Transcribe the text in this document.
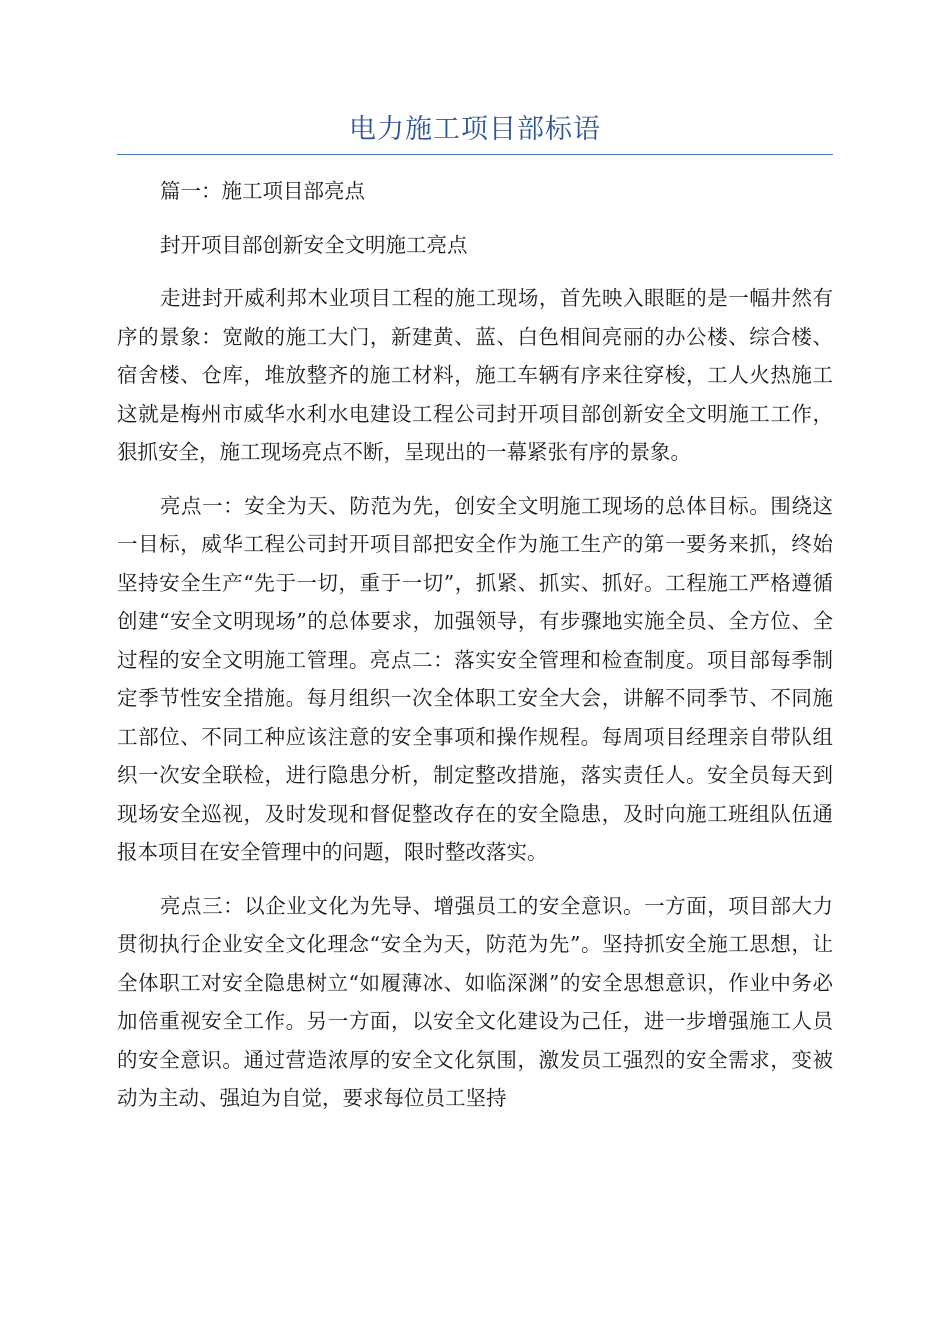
电力施工项目部标语

篇一：施工项目部亮点

封开项目部创新安全文明施工亮点

走进封开威利邦木业项目工程的施工现场，首先映入眼眶的是一幅井然有序的景象：宽敞的施工大门，新建黄、蓝、白色相间亮丽的办公楼、综合楼、宿舍楼、仓库，堆放整齐的施工材料，施工车辆有序来往穿梭，工人火热施工这就是梅州市威华水利水电建设工程公司封开项目部创新安全文明施工工作，狠抓安全，施工现场亮点不断，呈现出的一幕紧张有序的景象。

亮点一：安全为天、防范为先，创安全文明施工现场的总体目标。围绕这一目标，威华工程公司封开项目部把安全作为施工生产的第一要务来抓，终始坚持安全生产“先于一切，重于一切”，抓紧、抓实、抓好。工程施工严格遵循创建“安全文明现场”的总体要求，加强领导，有步骤地实施全员、全方位、全过程的安全文明施工管理。亮点二：落实安全管理和检查制度。项目部每季制定季节性安全措施。每月组织一次全体职工安全大会，讲解不同季节、不同施工部位、不同工种应该注意的安全事项和操作规程。每周项目经理亲自带队组织一次安全联检，进行隐患分析，制定整改措施，落实责任人。安全员每天到现场安全巡视，及时发现和督促整改存在的安全隐患，及时向施工班组队伍通报本项目在安全管理中的问题，限时整改落实。

亮点三：以企业文化为先导、增强员工的安全意识。一方面，项目部大力贯彻执行企业安全文化理念“安全为天，防范为先”。坚持抓安全施工思想，让全体职工对安全隐患树立“如履薄冰、如临深渊”的安全思想意识，作业中务必加倍重视安全工作。另一方面，以安全文化建设为己任，进一步增强施工人员的安全意识。通过营造浓厚的安全文化氛围，激发员工强烈的安全需求，变被动为主动、强迫为自觉，要求每位员工坚持
